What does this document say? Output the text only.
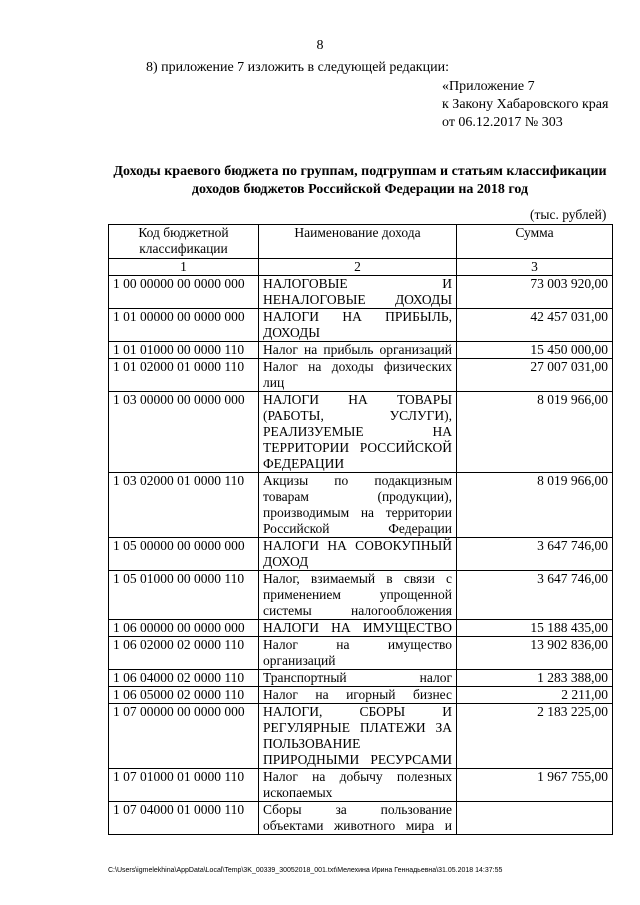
8
8) приложение 7 изложить в следующей редакции:
«Приложение 7
к Закону Хабаровского края
от 06.12.2017 № 303
Доходы краевого бюджета по группам, подгруппам и статьям классификации
доходов бюджетов Российской Федерации на 2018 год
(тыс. рублей)
Код бюджетной классификации	Наименование дохода	Сумма
1	2	3
1 00 00000 00 0000 000	НАЛОГОВЫЕ И НЕНАЛОГОВЫЕ ДОХОДЫ	73 003 920,00
1 01 00000 00 0000 000	НАЛОГИ НА ПРИБЫЛЬ, ДОХОДЫ	42 457 031,00
1 01 01000 00 0000 110	Налог на прибыль организаций	15 450 000,00
1 01 02000 01 0000 110	Налог на доходы физических лиц	27 007 031,00
1 03 00000 00 0000 000	НАЛОГИ НА ТОВАРЫ (РАБОТЫ, УСЛУГИ), РЕАЛИЗУЕМЫЕ НА ТЕРРИТОРИИ РОССИЙСКОЙ ФЕДЕРАЦИИ	8 019 966,00
1 03 02000 01 0000 110	Акцизы по подакцизным товарам (продукции), производимым на территории Российской Федерации	8 019 966,00
1 05 00000 00 0000 000	НАЛОГИ НА СОВОКУПНЫЙ ДОХОД	3 647 746,00
1 05 01000 00 0000 110	Налог, взимаемый в связи с применением упрощенной системы налогообложения	3 647 746,00
1 06 00000 00 0000 000	НАЛОГИ НА ИМУЩЕСТВО	15 188 435,00
1 06 02000 02 0000 110	Налог на имущество организаций	13 902 836,00
1 06 04000 02 0000 110	Транспортный налог	1 283 388,00
1 06 05000 02 0000 110	Налог на игорный бизнес	2 211,00
1 07 00000 00 0000 000	НАЛОГИ, СБОРЫ И РЕГУЛЯРНЫЕ ПЛАТЕЖИ ЗА ПОЛЬЗОВАНИЕ ПРИРОДНЫМИ РЕСУРСАМИ	2 183 225,00
1 07 01000 01 0000 110	Налог на добычу полезных ископаемых	1 967 755,00
1 07 04000 01 0000 110	Сборы за пользование объектами животного мира и	
C:\Users\igmelekhina\AppData\Local\Temp\3K_00339_30052018_001.txt\Мелехина Ирина Геннадьевна\31.05.2018 14:37:55
